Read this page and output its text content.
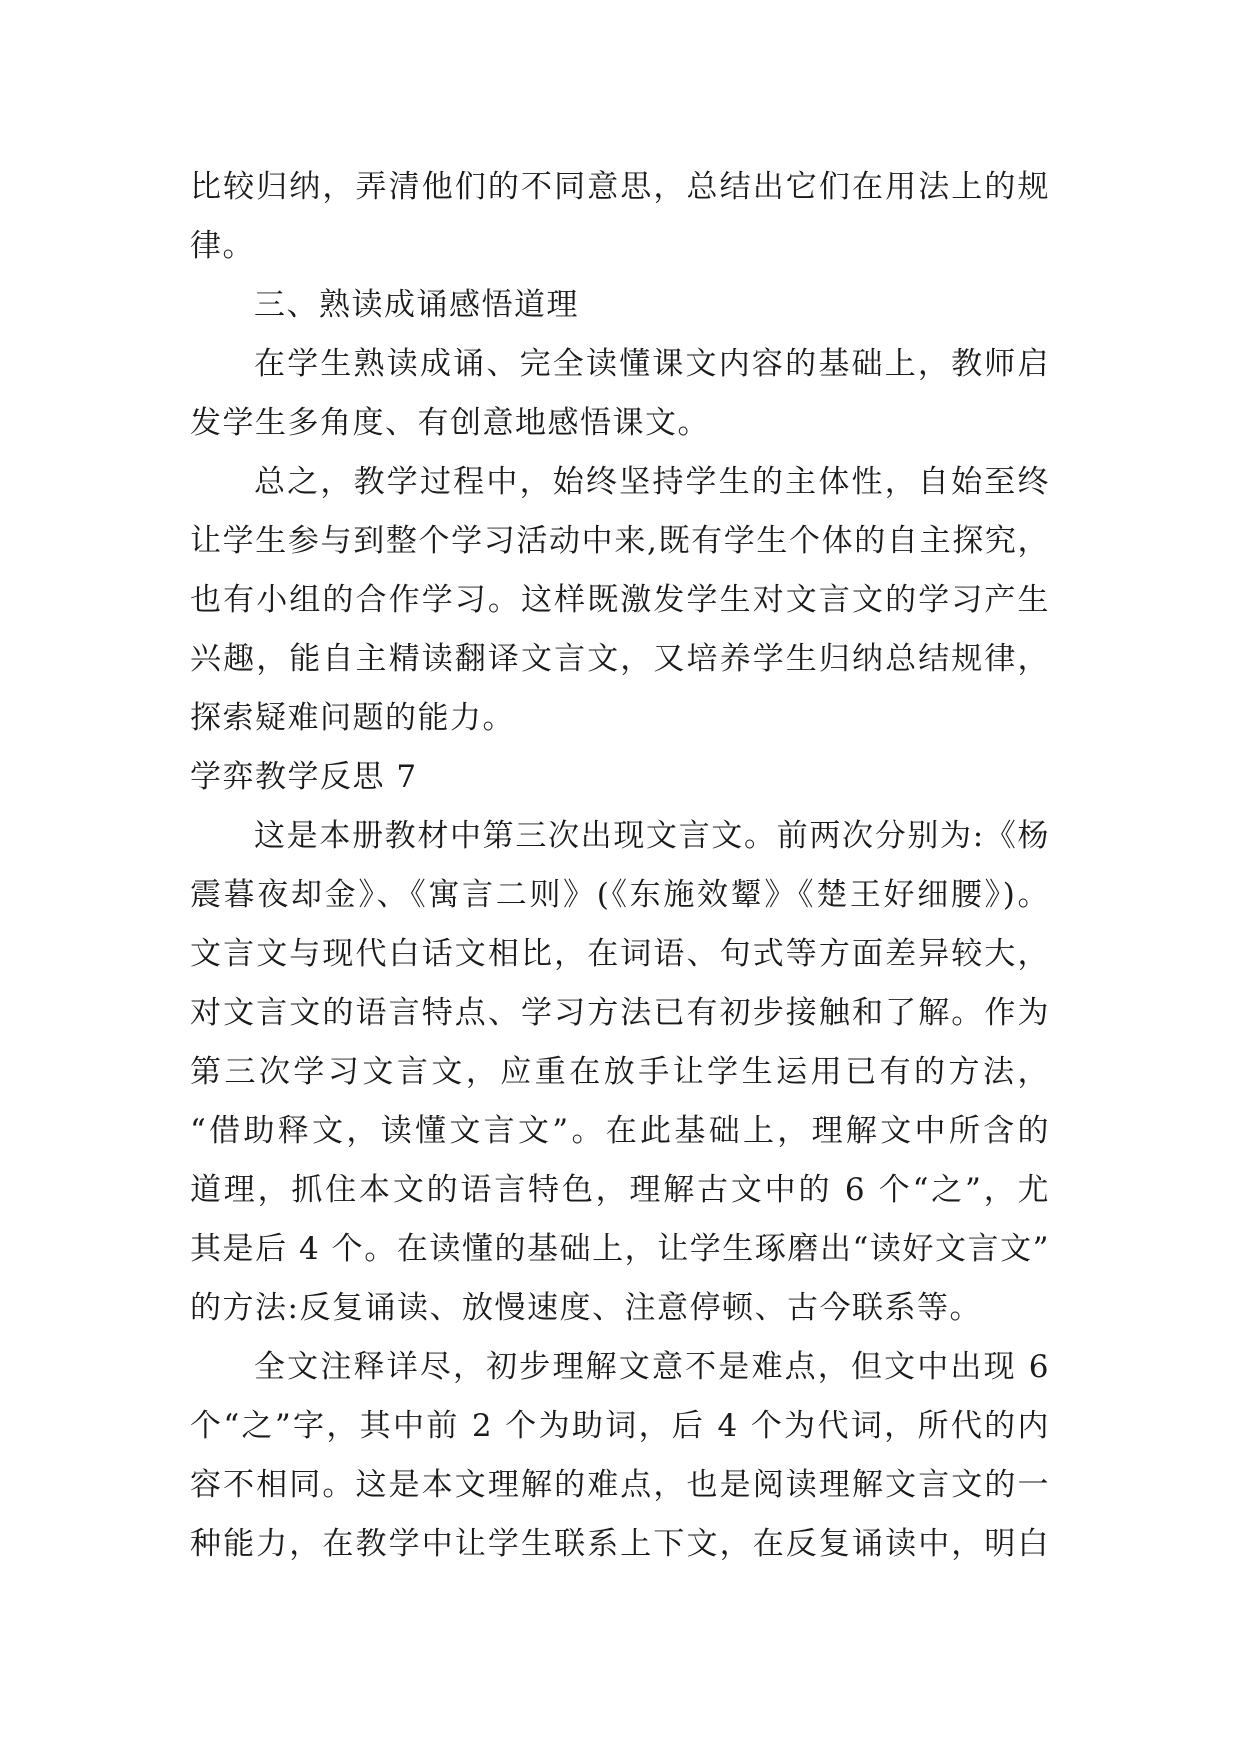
比较归纳，弄清他们的不同意思，总结出它们在用法上的规
律。
三、熟读成诵感悟道理
在学生熟读成诵、完全读懂课文内容的基础上，教师启
发学生多角度、有创意地感悟课文。
总之，教学过程中，始终坚持学生的主体性，自始至终
让学生参与到整个学习活动中来,既有学生个体的自主探究，
也有小组的合作学习。这样既激发学生对文言文的学习产生
兴趣，能自主精读翻译文言文，又培养学生归纳总结规律，
探索疑难问题的能力。
学弈教学反思 7
这是本册教材中第三次出现文言文。前两次分别为:《杨
震暮夜却金》、《寓言二则》(《东施效颦》《楚王好细腰》)。
文言文与现代白话文相比，在词语、句式等方面差异较大，
对文言文的语言特点、学习方法已有初步接触和了解。作为
第三次学习文言文，应重在放手让学生运用已有的方法，
“借助释文，读懂文言文”。在此基础上，理解文中所含的
道理，抓住本文的语言特色，理解古文中的 6 个“之”，尤
其是后 4 个。在读懂的基础上，让学生琢磨出“读好文言文”
的方法:反复诵读、放慢速度、注意停顿、古今联系等。
全文注释详尽，初步理解文意不是难点，但文中出现 6
个“之”字，其中前 2 个为助词，后 4 个为代词，所代的内
容不相同。这是本文理解的难点，也是阅读理解文言文的一
种能力，在教学中让学生联系上下文，在反复诵读中，明白
